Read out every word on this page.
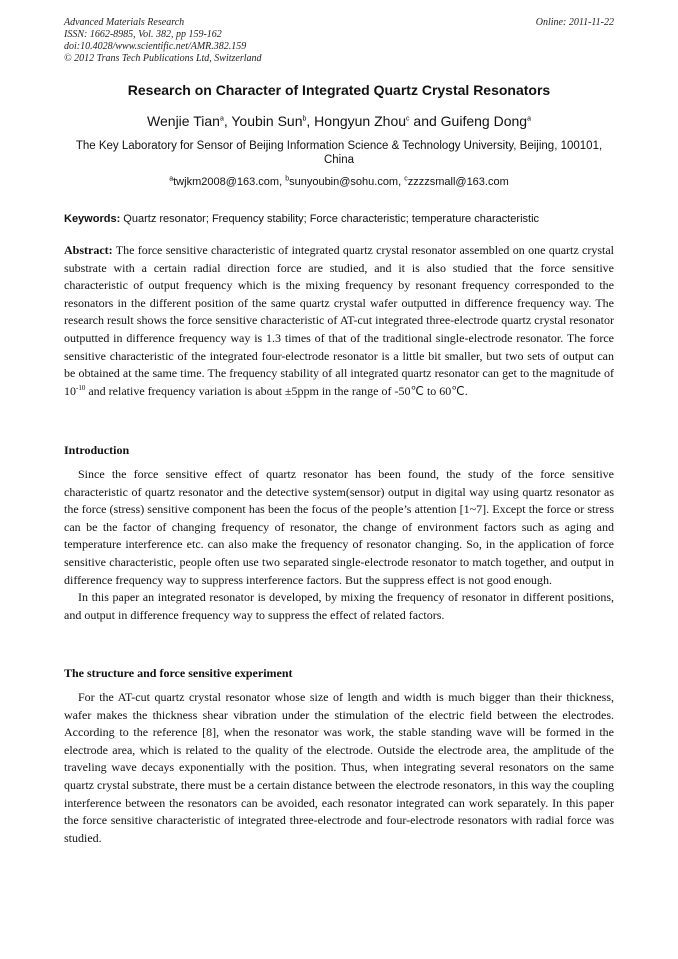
Advanced Materials Research
ISSN: 1662-8985, Vol. 382, pp 159-162
doi:10.4028/www.scientific.net/AMR.382.159
© 2012 Trans Tech Publications Ltd, Switzerland
Online: 2011-11-22
Research on Character of Integrated Quartz Crystal Resonators
Wenjie Tian$^a$, Youbin Sun$^b$, Hongyun Zhou$^c$ and Guifeng Dong$^a$
The Key Laboratory for Sensor of Beijing Information Science & Technology University, Beijing, 100101, China
$^a$twjkm2008@163.com, $^b$sunyoubin@sohu.com, $^c$zzzzsmall@163.com
Keywords: Quartz resonator; Frequency stability; Force characteristic; temperature characteristic

Abstract: The force sensitive characteristic of integrated quartz crystal resonator assembled on one quartz crystal substrate with a certain radial direction force are studied, and it is also studied that the force sensitive characteristic of output frequency which is the mixing frequency by resonant frequency corresponded to the resonators in the different position of the same quartz crystal wafer outputted in difference frequency way. The research result shows the force sensitive characteristic of AT-cut integrated three-electrode quartz crystal resonator outputted in difference frequency way is 1.3 times of that of the traditional single-electrode resonator. The force sensitive characteristic of the integrated four-electrode resonator is a little bit smaller, but two sets of output can be obtained at the same time. The frequency stability of all integrated quartz resonator can get to the magnitude of $10^{-10}$ and relative frequency variation is about ±5ppm in the range of -50℃ to 60℃.

Introduction

Since the force sensitive effect of quartz resonator has been found, the study of the force sensitive characteristic of quartz resonator and the detective system(sensor) output in digital way using quartz resonator as the force (stress) sensitive component has been the focus of the people’s attention [1~7]. Except the force or stress can be the factor of changing frequency of resonator, the change of environment factors such as aging and temperature interference etc. can also make the frequency of resonator changing. So, in the application of force sensitive characteristic, people often use two separated single-electrode resonator to match together, and output in difference frequency way to suppress interference factors. But the suppress effect is not good enough.

In this paper an integrated resonator is developed, by mixing the frequency of resonator in different positions, and output in difference frequency way to suppress the effect of related factors.

The structure and force sensitive experiment

For the AT-cut quartz crystal resonator whose size of length and width is much bigger than their thickness, wafer makes the thickness shear vibration under the stimulation of the electric field between the electrodes. According to the reference [8], when the resonator was work, the stable standing wave will be formed in the electrode area, which is related to the quality of the electrode. Outside the electrode area, the amplitude of the traveling wave decays exponentially with the position. Thus, when integrating several resonators on the same quartz crystal substrate, there must be a certain distance between the electrode resonators, in this way the coupling interference between the resonators can be avoided, each resonator integrated can work separately. In this paper the force sensitive characteristic of integrated three-electrode and four-electrode resonators with radial force was studied.
